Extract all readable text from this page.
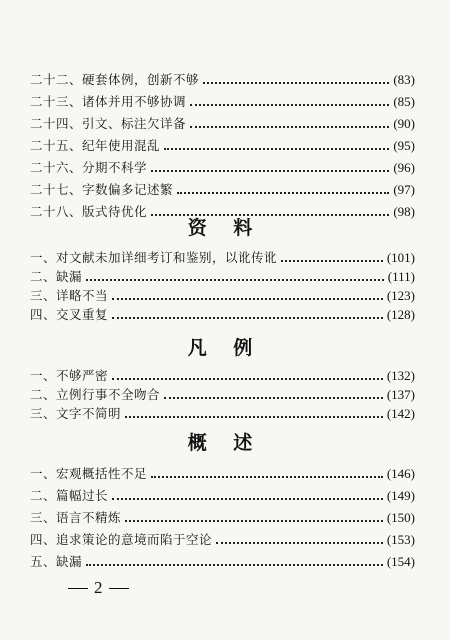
二十二、硬套体例，创新不够	(83)
二十三、诸体并用不够协调	(85)
二十四、引文、标注欠详备	(90)
二十五、纪年使用混乱	(95)
二十六、分期不科学	(96)
二十七、字数偏多记述繁	(97)
二十八、版式待优化	(98)
资 料
一、对文献未加详细考订和鉴别，以讹传讹	(101)
二、缺漏	(111)
三、详略不当	(123)
四、交叉重复	(128)
凡 例
一、不够严密	(132)
二、立例行事不全吻合	(137)
三、文字不简明	(142)
概 述
一、宏观概括性不足	(146)
二、篇幅过长	(149)
三、语言不精炼	(150)
四、追求策论的意境而陷于空论	(153)
五、缺漏	(154)
2
